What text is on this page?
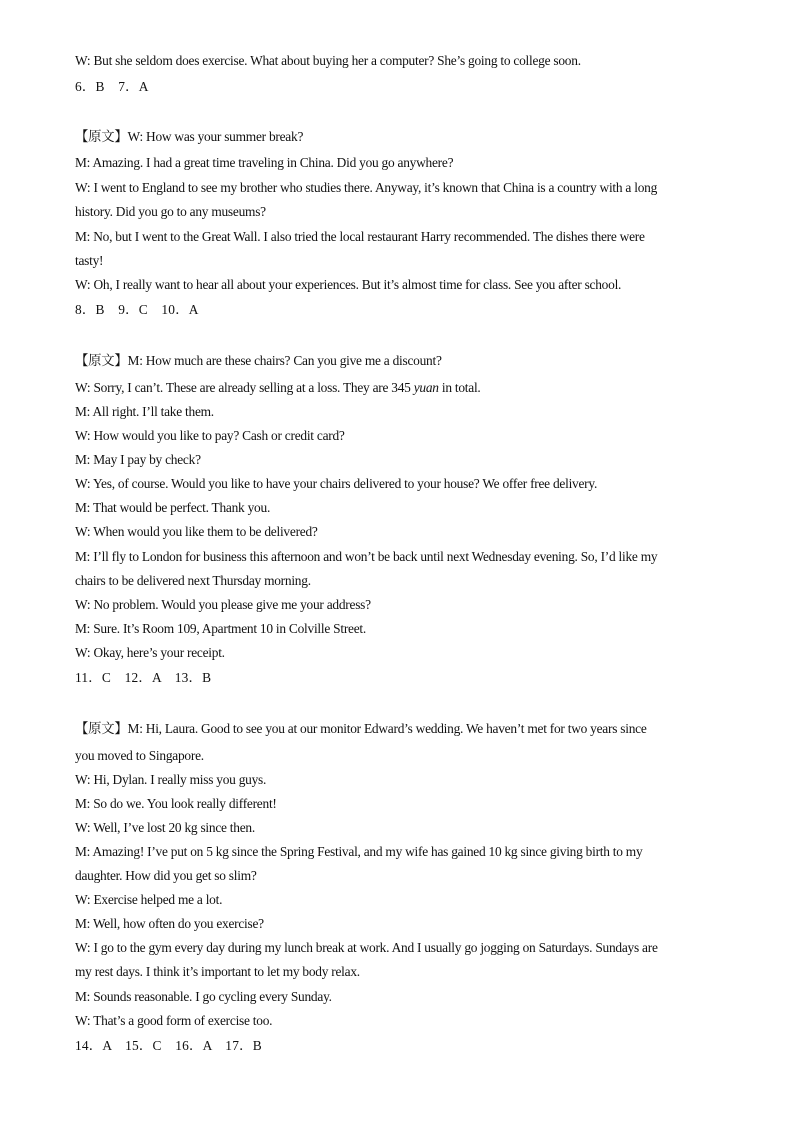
W: But she seldom does exercise. What about buying her a computer? She’s going to college soon.
6．B　7．A
【原文】W: How was your summer break?
M: Amazing. I had a great time traveling in China. Did you go anywhere?
W: I went to England to see my brother who studies there. Anyway, it’s known that China is a country with a long
history. Did you go to any museums?
M: No, but I went to the Great Wall. I also tried the local restaurant Harry recommended. The dishes there were
tasty!
W: Oh, I really want to hear all about your experiences. But it’s almost time for class. See you after school.
8．B　9．C　10．A
【原文】M: How much are these chairs? Can you give me a discount?
W: Sorry, I can’t. These are already selling at a loss. They are 345 yuan in total.
M: All right. I’ll take them.
W: How would you like to pay? Cash or credit card?
M: May I pay by check?
W: Yes, of course. Would you like to have your chairs delivered to your house? We offer free delivery.
M: That would be perfect. Thank you.
W: When would you like them to be delivered?
M: I’ll fly to London for business this afternoon and won’t be back until next Wednesday evening. So, I’d like my
chairs to be delivered next Thursday morning.
W: No problem. Would you please give me your address?
M: Sure. It’s Room 109, Apartment 10 in Colville Street.
W: Okay, here’s your receipt.
11．C　12．A　13．B
【原文】M: Hi, Laura. Good to see you at our monitor Edward’s wedding. We haven’t met for two years since
you moved to Singapore.
W: Hi, Dylan. I really miss you guys.
M: So do we. You look really different!
W: Well, I’ve lost 20 kg since then.
M: Amazing! I’ve put on 5 kg since the Spring Festival, and my wife has gained 10 kg since giving birth to my
daughter. How did you get so slim?
W: Exercise helped me a lot.
M: Well, how often do you exercise?
W: I go to the gym every day during my lunch break at work. And I usually go jogging on Saturdays. Sundays are
my rest days. I think it’s important to let my body relax.
M: Sounds reasonable. I go cycling every Sunday.
W: That’s a good form of exercise too.
14．A　15．C　16．A　17．B
